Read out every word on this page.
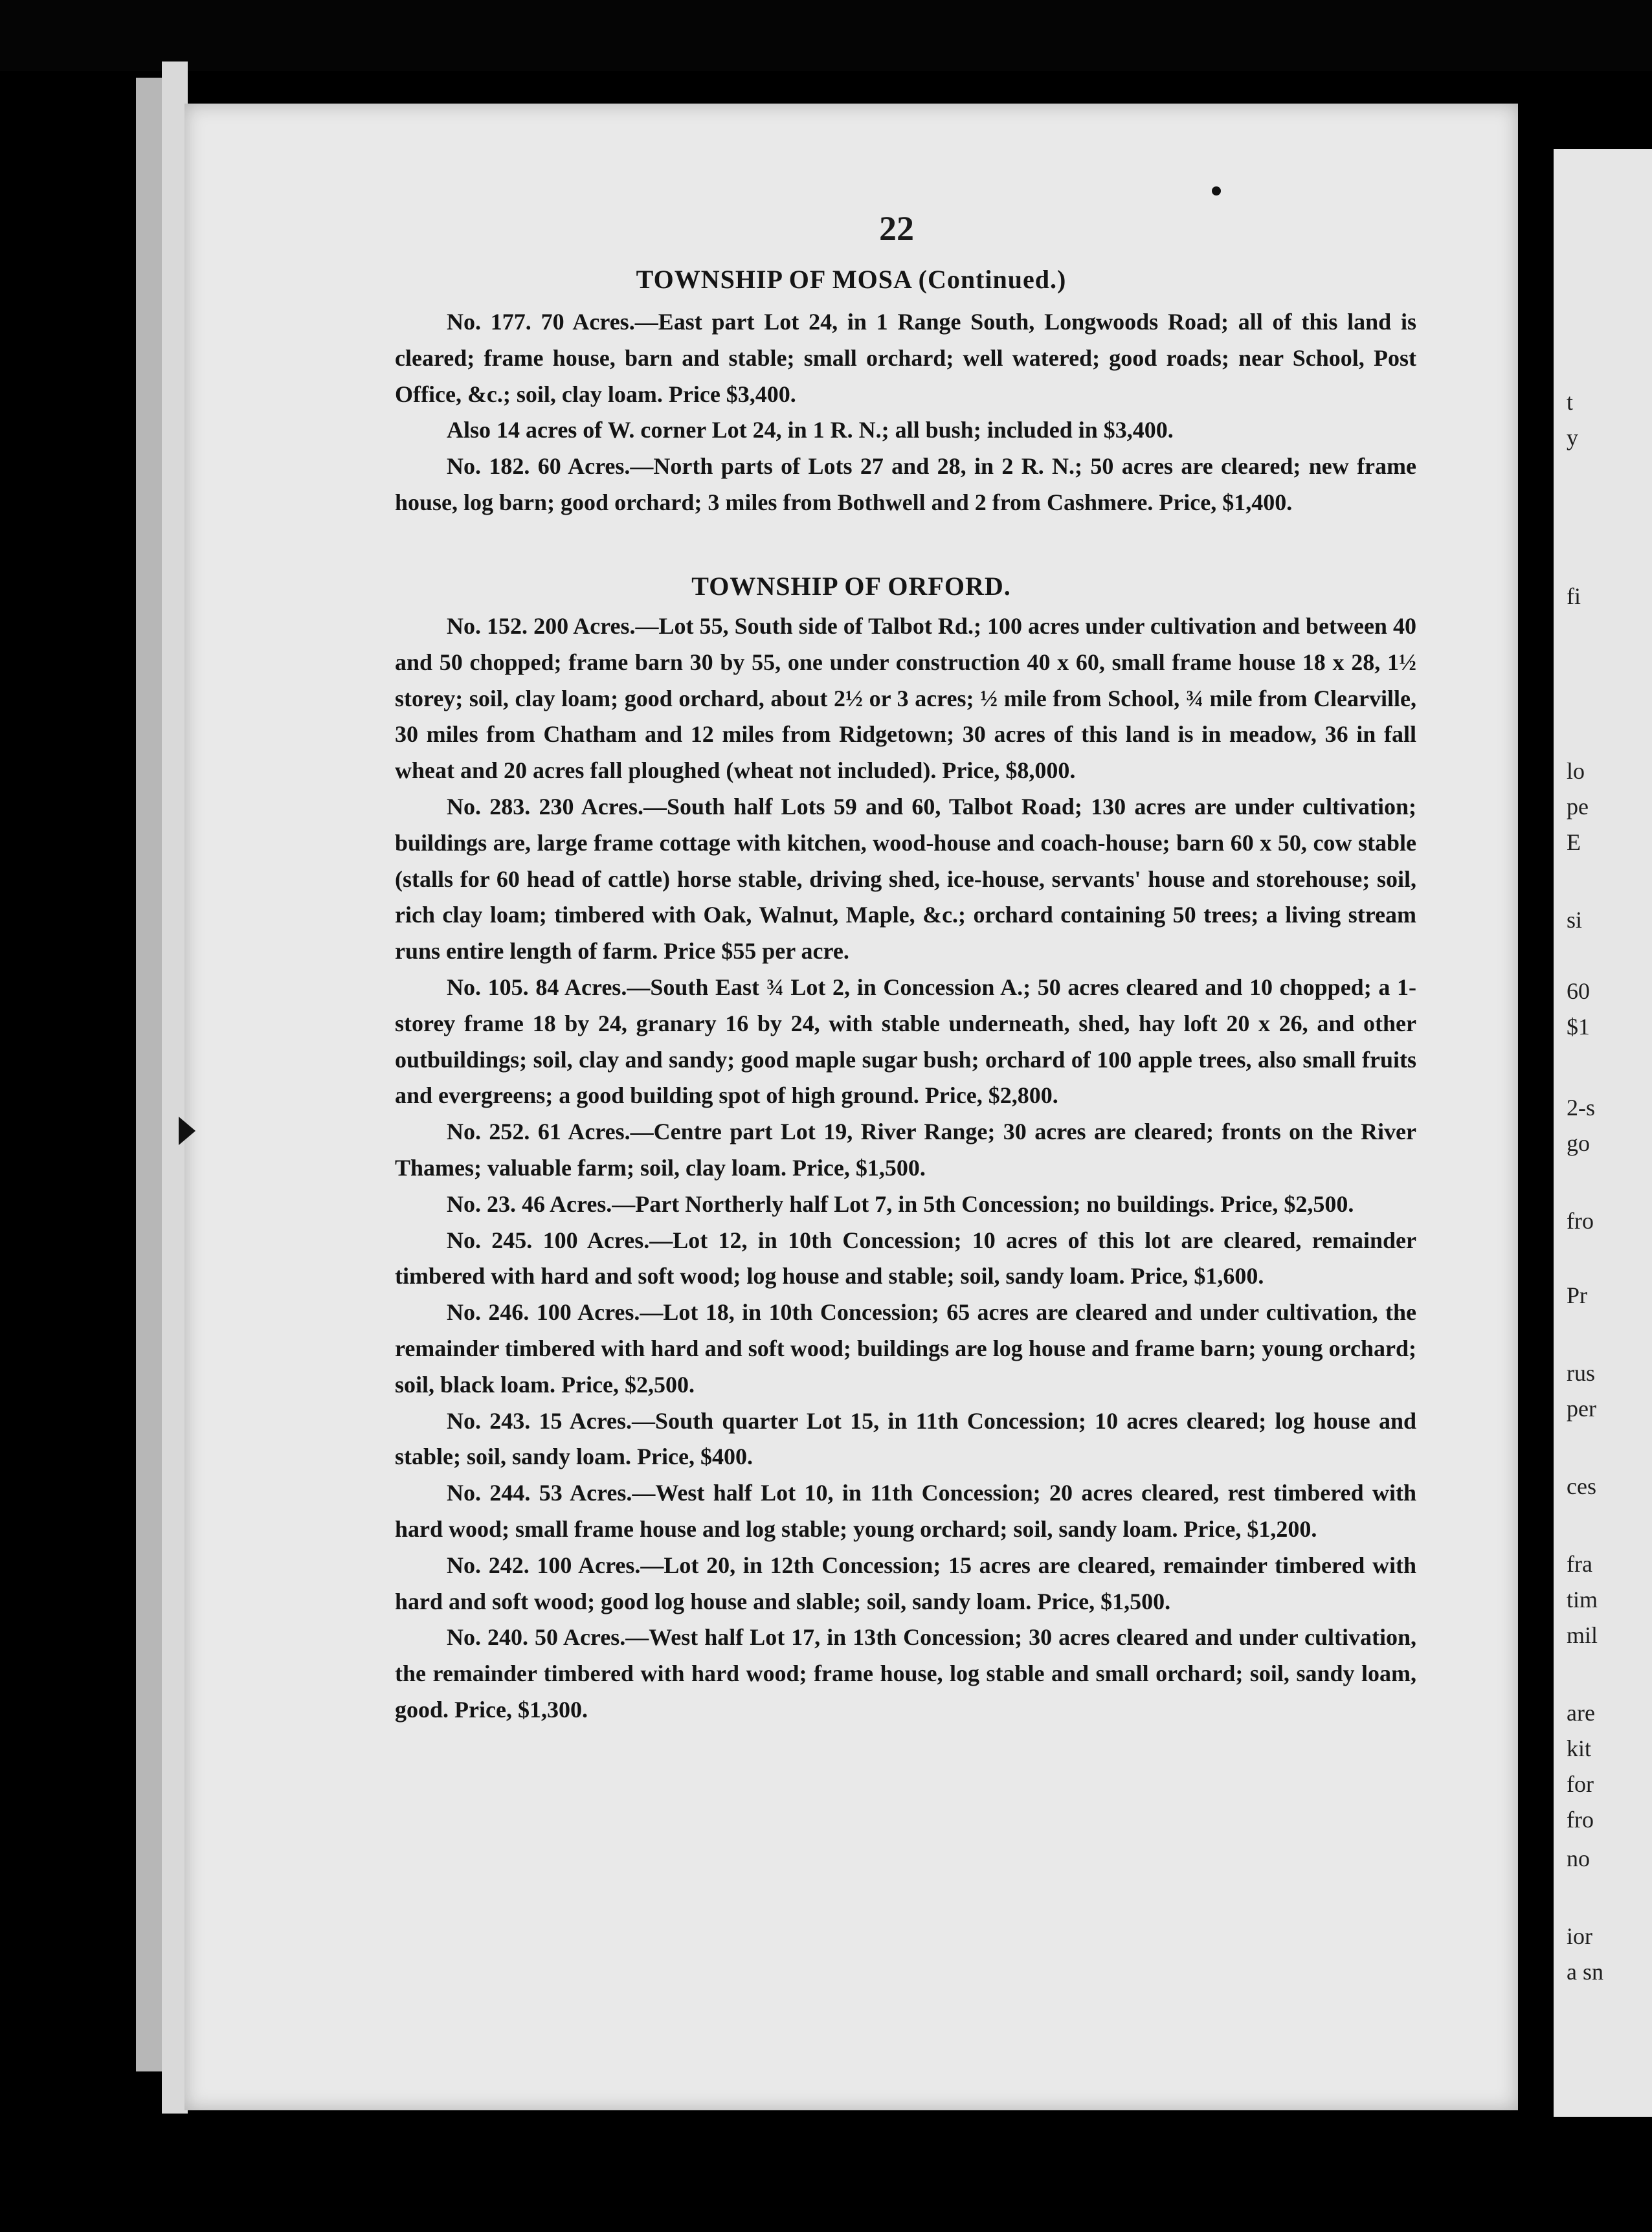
t
y
fi
lo
pe
E
si
60
$1
2-s
go
fro
Pr
rus
per
ces
fra
tim
mil
are
kit
for
fro
no
ior
a sn
22
TOWNSHIP OF MOSA (Continued.)

No. 177. 70 Acres.—East part Lot 24, in 1 Range South, Longwoods Road; all of this land is cleared; frame house, barn and stable; small orchard; well watered; good roads; near School, Post Office, &c.; soil, clay loam. Price $3,400.

Also 14 acres of W. corner Lot 24, in 1 R. N.; all bush; included in $3,400.

No. 182. 60 Acres.—North parts of Lots 27 and 28, in 2 R. N.; 50 acres are cleared; new frame house, log barn; good orchard; 3 miles from Bothwell and 2 from Cashmere. Price, $1,400.

TOWNSHIP OF ORFORD.

No. 152. 200 Acres.—Lot 55, South side of Talbot Rd.; 100 acres under cultivation and between 40 and 50 chopped; frame barn 30 by 55, one under construction 40 x 60, small frame house 18 x 28, 1½ storey; soil, clay loam; good orchard, about 2½ or 3 acres; ½ mile from School, ¾ mile from Clearville, 30 miles from Chatham and 12 miles from Ridgetown; 30 acres of this land is in meadow, 36 in fall wheat and 20 acres fall ploughed (wheat not included). Price, $8,000.

No. 283. 230 Acres.—South half Lots 59 and 60, Talbot Road; 130 acres are under cultivation; buildings are, large frame cottage with kitchen, wood-house and coach-house; barn 60 x 50, cow stable (stalls for 60 head of cattle) horse stable, driving shed, ice-house, servants' house and storehouse; soil, rich clay loam; timbered with Oak, Walnut, Maple, &c.; orchard containing 50 trees; a living stream runs entire length of farm. Price $55 per acre.

No. 105. 84 Acres.—South East ¾ Lot 2, in Concession A.; 50 acres cleared and 10 chopped; a 1-storey frame 18 by 24, granary 16 by 24, with stable underneath, shed, hay loft 20 x 26, and other outbuildings; soil, clay and sandy; good maple sugar bush; orchard of 100 apple trees, also small fruits and evergreens; a good building spot of high ground. Price, $2,800.

No. 252. 61 Acres.—Centre part Lot 19, River Range; 30 acres are cleared; fronts on the River Thames; valuable farm; soil, clay loam. Price, $1,500.

No. 23. 46 Acres.—Part Northerly half Lot 7, in 5th Concession; no buildings. Price, $2,500.

No. 245. 100 Acres.—Lot 12, in 10th Concession; 10 acres of this lot are cleared, remainder timbered with hard and soft wood; log house and stable; soil, sandy loam. Price, $1,600.

No. 246. 100 Acres.—Lot 18, in 10th Concession; 65 acres are cleared and under cultivation, the remainder timbered with hard and soft wood; buildings are log house and frame barn; young orchard; soil, black loam. Price, $2,500.

No. 243. 15 Acres.—South quarter Lot 15, in 11th Concession; 10 acres cleared; log house and stable; soil, sandy loam. Price, $400.

No. 244. 53 Acres.—West half Lot 10, in 11th Concession; 20 acres cleared, rest timbered with hard wood; small frame house and log stable; young orchard; soil, sandy loam. Price, $1,200.

No. 242. 100 Acres.—Lot 20, in 12th Concession; 15 acres are cleared, remainder timbered with hard and soft wood; good log house and slable; soil, sandy loam. Price, $1,500.

No. 240. 50 Acres.—West half Lot 17, in 13th Concession; 30 acres cleared and under cultivation, the remainder timbered with hard wood; frame house, log stable and small orchard; soil, sandy loam, good. Price, $1,300.
